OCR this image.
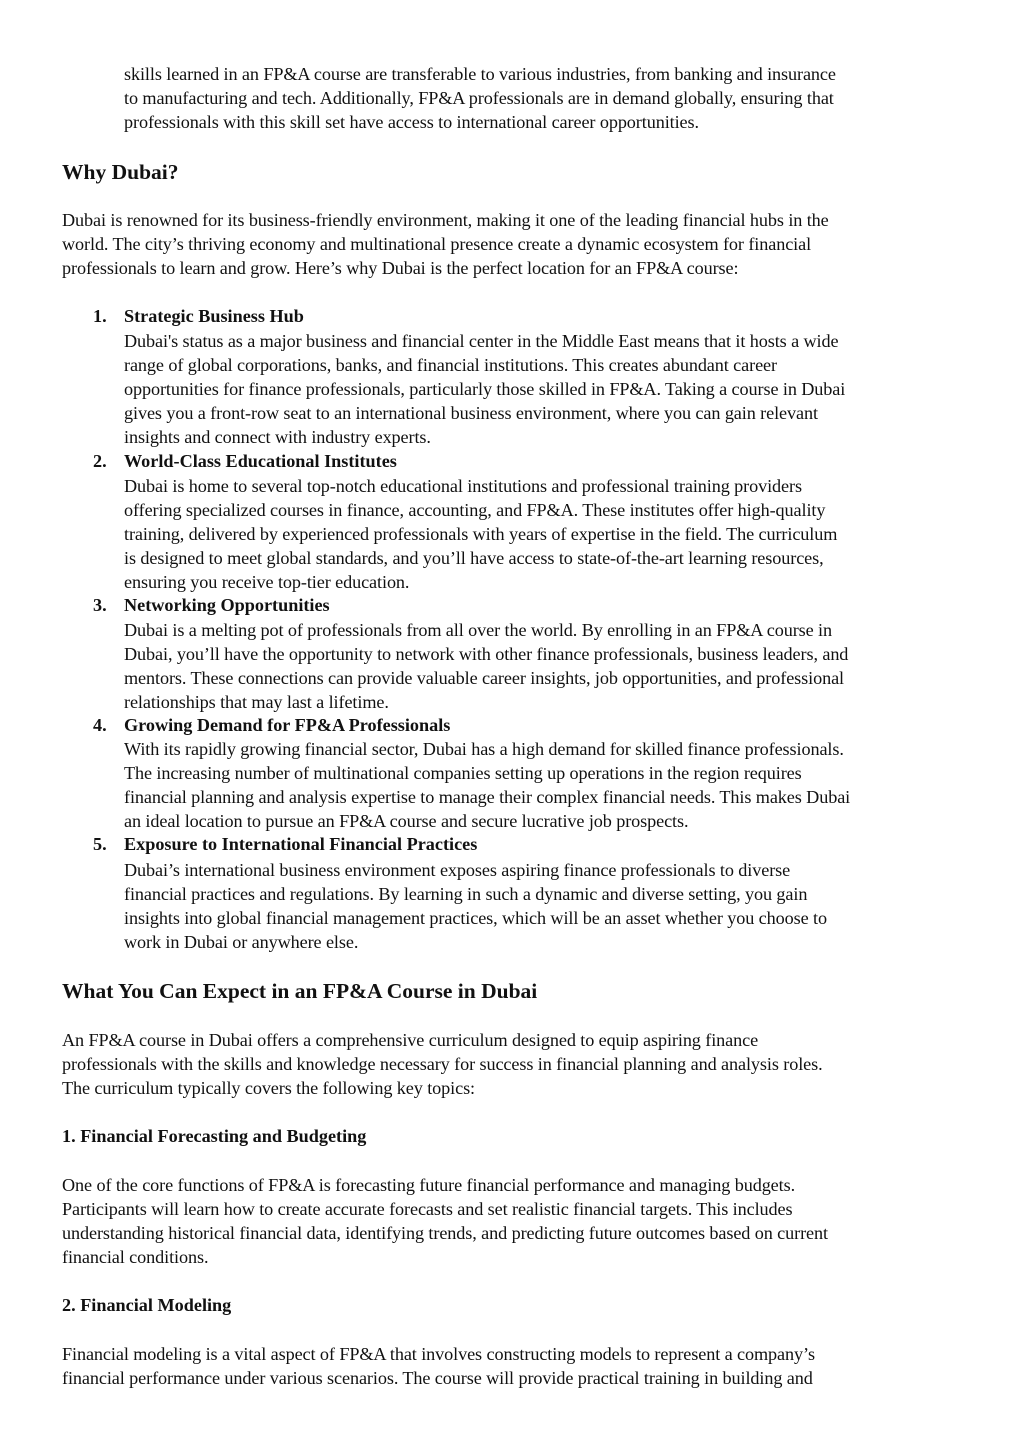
skills learned in an FP&A course are transferable to various industries, from banking and insurance
to manufacturing and tech. Additionally, FP&A professionals are in demand globally, ensuring that
professionals with this skill set have access to international career opportunities.
Why Dubai?
Dubai is renowned for its business-friendly environment, making it one of the leading financial hubs in the
world. The city’s thriving economy and multinational presence create a dynamic ecosystem for financial
professionals to learn and grow. Here’s why Dubai is the perfect location for an FP&A course:
1. Strategic Business Hub
Dubai's status as a major business and financial center in the Middle East means that it hosts a wide
range of global corporations, banks, and financial institutions. This creates abundant career
opportunities for finance professionals, particularly those skilled in FP&A. Taking a course in Dubai
gives you a front-row seat to an international business environment, where you can gain relevant
insights and connect with industry experts.
2. World-Class Educational Institutes
Dubai is home to several top-notch educational institutions and professional training providers
offering specialized courses in finance, accounting, and FP&A. These institutes offer high-quality
training, delivered by experienced professionals with years of expertise in the field. The curriculum
is designed to meet global standards, and you’ll have access to state-of-the-art learning resources,
ensuring you receive top-tier education.
3. Networking Opportunities
Dubai is a melting pot of professionals from all over the world. By enrolling in an FP&A course in
Dubai, you’ll have the opportunity to network with other finance professionals, business leaders, and
mentors. These connections can provide valuable career insights, job opportunities, and professional
relationships that may last a lifetime.
4. Growing Demand for FP&A Professionals
With its rapidly growing financial sector, Dubai has a high demand for skilled finance professionals.
The increasing number of multinational companies setting up operations in the region requires
financial planning and analysis expertise to manage their complex financial needs. This makes Dubai
an ideal location to pursue an FP&A course and secure lucrative job prospects.
5. Exposure to International Financial Practices
Dubai’s international business environment exposes aspiring finance professionals to diverse
financial practices and regulations. By learning in such a dynamic and diverse setting, you gain
insights into global financial management practices, which will be an asset whether you choose to
work in Dubai or anywhere else.
What You Can Expect in an FP&A Course in Dubai
An FP&A course in Dubai offers a comprehensive curriculum designed to equip aspiring finance
professionals with the skills and knowledge necessary for success in financial planning and analysis roles.
The curriculum typically covers the following key topics:
1. Financial Forecasting and Budgeting
One of the core functions of FP&A is forecasting future financial performance and managing budgets.
Participants will learn how to create accurate forecasts and set realistic financial targets. This includes
understanding historical financial data, identifying trends, and predicting future outcomes based on current
financial conditions.
2. Financial Modeling
Financial modeling is a vital aspect of FP&A that involves constructing models to represent a company’s
financial performance under various scenarios. The course will provide practical training in building and
